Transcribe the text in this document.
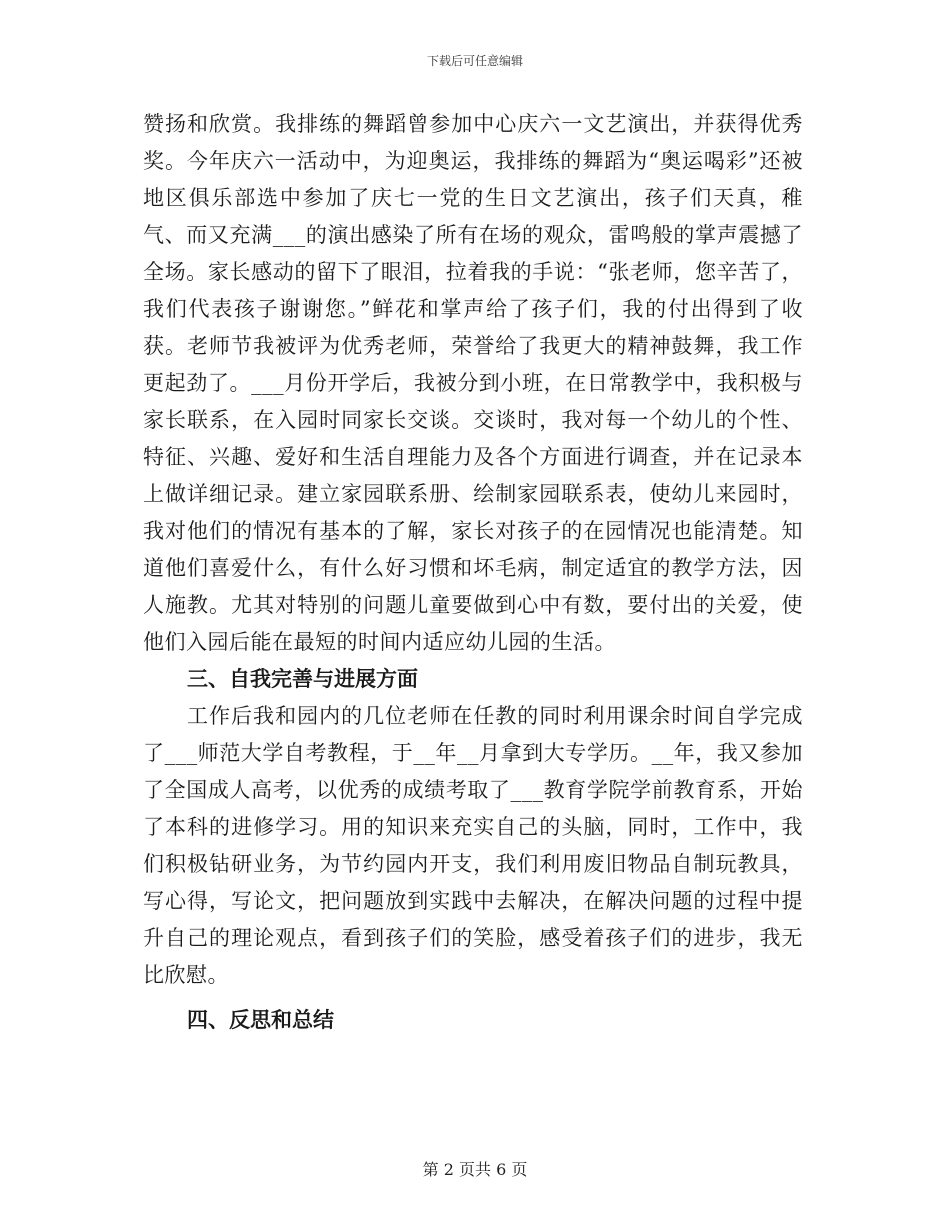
下载后可任意编辑

赞扬和欣赏。我排练的舞蹈曾参加中心庆六一文艺演出，并获得优秀奖。今年庆六一活动中，为迎奥运，我排练的舞蹈为“奥运喝彩”还被地区俱乐部选中参加了庆七一党的生日文艺演出，孩子们天真，稚气、而又充满___的演出感染了所有在场的观众，雷鸣般的掌声震撼了全场。家长感动的留下了眼泪，拉着我的手说：“张老师，您辛苦了，我们代表孩子谢谢您。”鲜花和掌声给了孩子们，我的付出得到了收获。老师节我被评为优秀老师，荣誉给了我更大的精神鼓舞，我工作更起劲了。___月份开学后，我被分到小班，在日常教学中，我积极与家长联系，在入园时同家长交谈。交谈时，我对每一个幼儿的个性、特征、兴趣、爱好和生活自理能力及各个方面进行调查，并在记录本上做详细记录。建立家园联系册、绘制家园联系表，使幼儿来园时，我对他们的情况有基本的了解，家长对孩子的在园情况也能清楚。知道他们喜爱什么，有什么好习惯和坏毛病，制定适宜的教学方法，因人施教。尤其对特别的问题儿童要做到心中有数，要付出的关爱，使他们入园后能在最短的时间内适应幼儿园的生活。

三、自我完善与进展方面

工作后我和园内的几位老师在任教的同时利用课余时间自学完成了___师范大学自考教程，于__年__月拿到大专学历。__年，我又参加了全国成人高考，以优秀的成绩考取了___教育学院学前教育系，开始了本科的进修学习。用的知识来充实自己的头脑，同时，工作中，我们积极钻研业务，为节约园内开支，我们利用废旧物品自制玩教具，写心得，写论文，把问题放到实践中去解决，在解决问题的过程中提升自己的理论观点，看到孩子们的笑脸，感受着孩子们的进步，我无比欣慰。

四、反思和总结

第 2 页共 6 页
